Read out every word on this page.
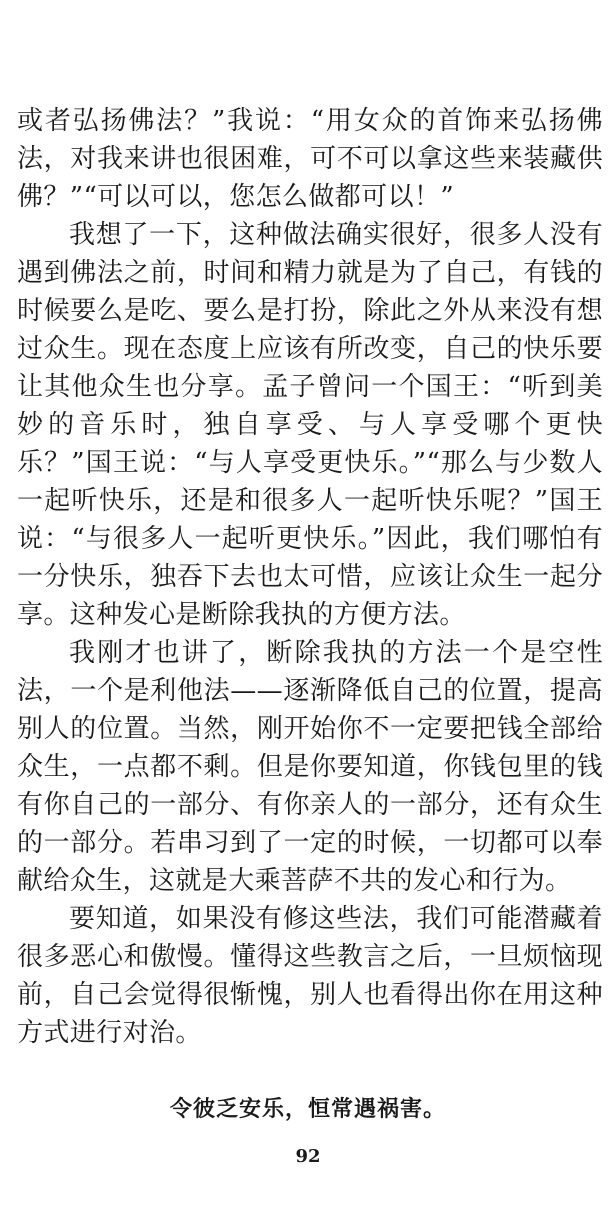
或者弘扬佛法？”我说：“用女众的首饰来弘扬佛法，对我来讲也很困难，可不可以拿这些来装藏供佛？”“可以可以，您怎么做都可以！”

我想了一下，这种做法确实很好，很多人没有遇到佛法之前，时间和精力就是为了自己，有钱的时候要么是吃、要么是打扮，除此之外从来没有想过众生。现在态度上应该有所改变，自己的快乐要让其他众生也分享。孟子曾问一个国王：“听到美妙的音乐时，独自享受、与人享受哪个更快乐？”国王说：“与人享受更快乐。”“那么与少数人一起听快乐，还是和很多人一起听快乐呢？”国王说：“与很多人一起听更快乐。”因此，我们哪怕有一分快乐，独吞下去也太可惜，应该让众生一起分享。这种发心是断除我执的方便方法。

我刚才也讲了，断除我执的方法一个是空性法，一个是利他法——逐渐降低自己的位置，提高别人的位置。当然，刚开始你不一定要把钱全部给众生，一点都不剩。但是你要知道，你钱包里的钱有你自己的一部分、有你亲人的一部分，还有众生的一部分。若串习到了一定的时候，一切都可以奉献给众生，这就是大乘菩萨不共的发心和行为。

要知道，如果没有修这些法，我们可能潜藏着很多恶心和傲慢。懂得这些教言之后，一旦烦恼现前，自己会觉得很惭愧，别人也看得出你在用这种方式进行对治。

令彼乏安乐，恒常遇祸害。
92
